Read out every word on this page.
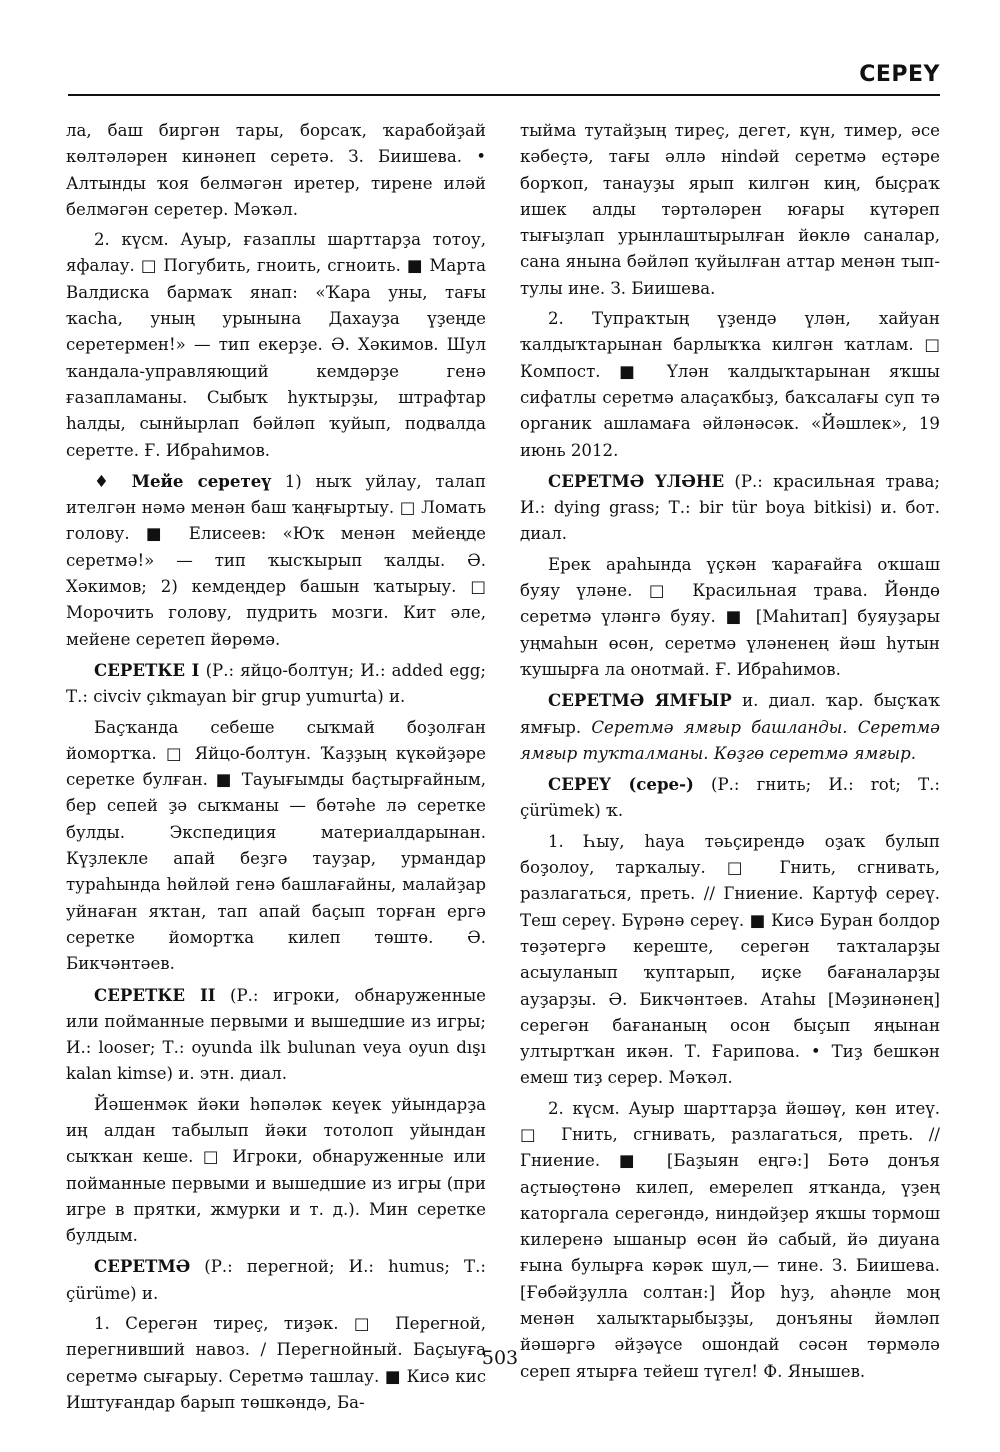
СЕРЕҮ

ла, баш биргән тары, борсаҡ, ҡарабойҙай көлтәләрен кинәнеп серетә. З. Биишева. • Алтынды ҡоя белмәгән иретер, тирене иләй белмәгән серетер. Мәҡәл.

2. күсм. Ауыр, ғазаплы шарттарҙа тотоу, яфалау. □ Погубить, гноить, сгноить. ■ Марта Валдиска бармаҡ янап: «Ҡара уны, тағы ҡасһа, уның урынына Дахауҙа үҙеңде серетермен!» — тип екерҙе. Ә. Хәкимов. Шул ҡандала-управляющий кемдәрҙе генә ғазапламаны. Сыбыҡ һуктырҙы, штрафтар һалды, сынйырлап бәйләп ҡуйып, подвалда серетте. Ғ. Ибраһимов.

♦ Мейе серетеү 1) ныҡ уйлау, талап ителгән нәмә менән баш ҡаңғыртыу. □ Ломать голову. ■ Елисеев: «Юҡ менән мейеңде серетмә!» — тип ҡысҡырып ҡалды. Ә. Хәкимов; 2) кемдеңдер башын ҡатырыу. □ Морочить голову, пудрить мозги. Кит әле, мейене серетеп йөрөмә.

СЕРЕТКЕ I (Р.: яйцо-болтун; И.: added egg; Т.: civciv çıkmayan bir grup yumurta) и.

Баҫҡанда себеше сыҡмай боҙолған йомортҡа. □ Яйцо-болтун. Ҡаҙҙың күкәйҙәре сереткe булған. ■ Тауығымды баҫтырғайным, бер сепей ҙә сыҡманы — бөтәһе лә сереткe булды. Экспедиция материалдарынан. Күҙлекле апай беҙгә тауҙар, урмандар тураһында һөйләй генә башлағайны, малайҙар уйнаған яҡтан, тап апай баҫып торған ергә сереткe йомортҡа килеп төштө. Ә. Бикчәнтәев.

СЕРЕТКЕ II (Р.: игроки, обнаруженные или пойманные первыми и вышедшие из игры; И.: looser; Т.: oyunda ilk bulunan veya oyun dışı kalan kimse) и. этн. диал.

Йәшенмәк йәки һәпәләк кеүек уйындарҙа иң алдан табылып йәки тотолоп уйындан сыҡҡан кеше. □ Игроки, обнаруженные или пойманные первыми и вышедшие из игры (при игре в прятки, жмурки и т. д.). Мин сереткe булдым.

СЕРЕТМӘ (Р.: перегной; И.: humus; Т.: çürüme) и.

1. Серегән тиреҫ, тиҙәк. □ Перегной, перегнивший навоз. / Перегнойный. Баҫыуға серетмә сығарыу. Серетмә ташлау. ■ Кисә кис Иштуғандар барып төшкәндә, Ба-

тыйма тутайҙың тиреҫ, дегет, күн, тимер, әсе кәбеҫтә, тағы әллә нindәй серетмә еҫтәре борҡоп, танауҙы ярып килгән киң, быҫраҡ ишек алды тәртәләрен юғары күтәреп тығыҙлап урынлаштырылған йөклө саналар, сана янына бәйләп ҡуйылған аттар менән тып-тулы ине. З. Биишева.

2. Тупраҡтың үҙендә үлән, хайуан ҡалдыҡтарынан барлыҡҡа килгән ҡатлам. □ Компост. ■ Үлән ҡалдыҡтарынан яҡшы сифатлы серетмә алаҫаҡбыҙ, баҡсалағы суп тә органик ашламаға әйләнәсәк. «Йәшлек», 19 июнь 2012.

СЕРЕТМӘ ҮЛӘНЕ (Р.: красильная трава; И.: dying grass; Т.: bir tür boya bitkisi) и. бот. диал.

Ерек араһында үҫкән ҡарағайға оҡшаш буяу үләне. □ Красильная трава. Йөндө серетмә үләнгә буяу. ■ [Маһитап] буяуҙары уңмаһын өсөн, серетмә үләненең йәш һутын ҡушырға ла онотмай. Ғ. Ибраһимов.

СЕРЕТМӘ ЯМҒЫР и. диал. ҡар. быҫҡаҡ ямғыр. Серетмә ямғыр башланды. Серетмә ямғыр туҡталманы. Көҙгө серетмә ямғыр.

СЕРЕҮ (сере-) (Р.: гнить; И.: rot; Т.: çürümek) ҡ.

1. Һыу, һауа тәьҫирендә оҙаҡ булып боҙолоу, тарҡалыу. □ Гнить, сгнивать, разлагаться, преть. // Гниение. Картуф сереү. Теш сереү. Бүрәнә сереү. ■ Кисә Буран болдор төҙәтергә кереште, серегән таҡталарҙы асыуланып ҡуптарып, иҫке бағаналарҙы ауҙарҙы. Ә. Бикчәнтәев. Атаһы [Мәҙинәнең] серегән бағананың осон быҫып яңынан ултыртҡан икән. Т. Ғарипова. • Тиҙ бешкән емеш тиҙ серер. Мәҡәл.

2. күсм. Ауыр шарттарҙа йәшәү, көн итеү. □ Гнить, сгнивать, разлагаться, преть. // Гниение. ■ [Баҙыян еңгә:] Бөтә донъя аҫтыөҫтөнә килеп, емерелеп ятҡанда, үҙең каторгала серегәндә, ниндәйҙер яҡшы тормош килеренә ышаныр өсөн йә сабый, йә диуана ғына булырға кәрәк шул,— тине. З. Биишева. [Ғөбәйҙулла солтан:] Йор һуҙ, аһәңле моң менән халыҡтарыбыҙҙы, донъяны йәмләп йәшәргә әйҙәүсе ошондай сәсән төрмәлә сереп ятырға тейеш түгел! Ф. Янышев.

503
